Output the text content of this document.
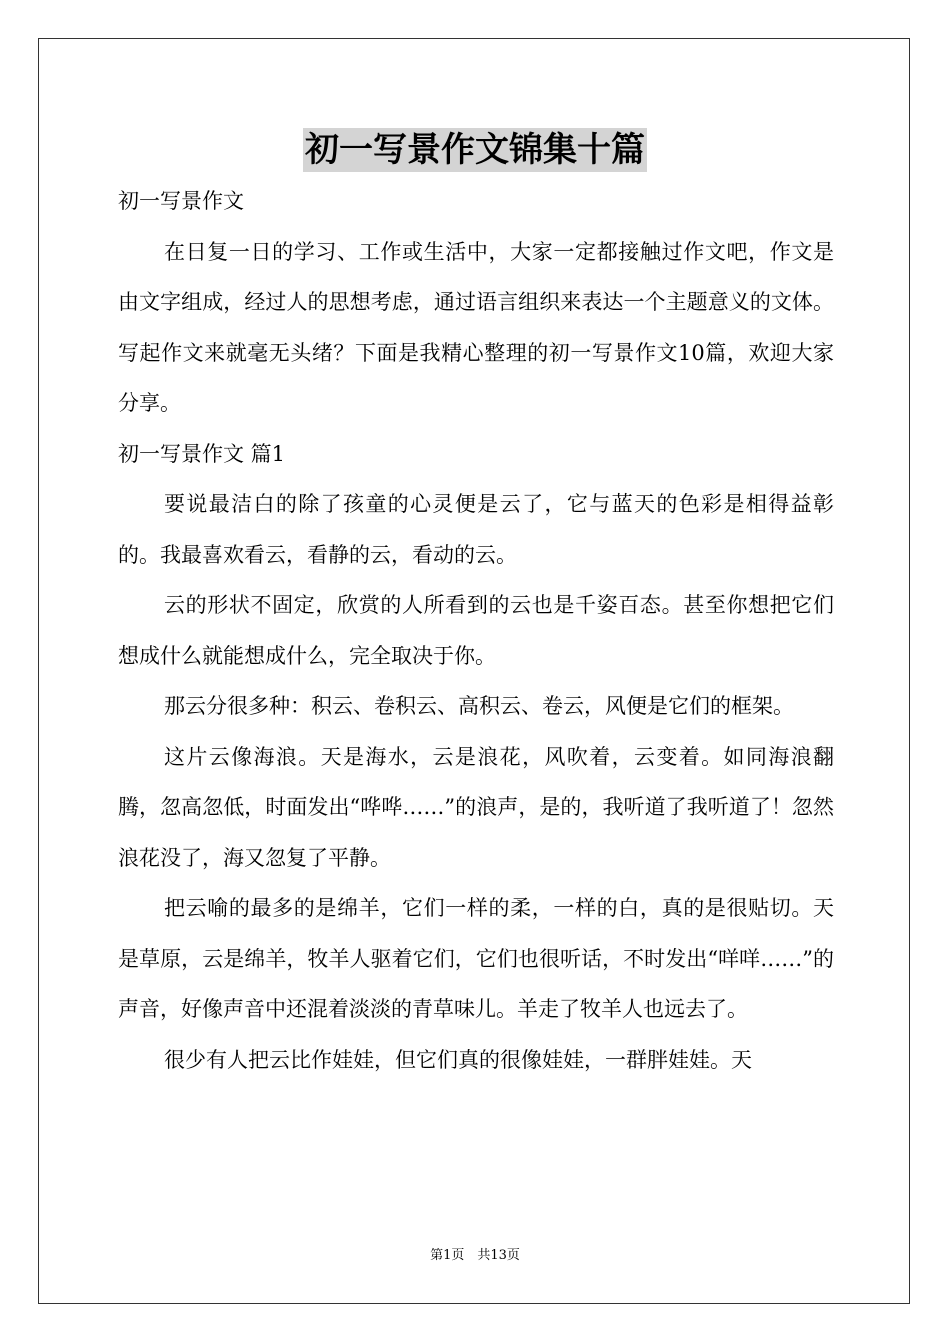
初一写景作文锦集十篇

初一写景作文

在日复一日的学习、工作或生活中，大家一定都接触过作文吧，作文是由文字组成，经过人的思想考虑，通过语言组织来表达一个主题意义的文体。写起作文来就毫无头绪？下面是我精心整理的初一写景作文10篇，欢迎大家分享。

初一写景作文 篇1

要说最洁白的除了孩童的心灵便是云了，它与蓝天的色彩是相得益彰的。我最喜欢看云，看静的云，看动的云。

云的形状不固定，欣赏的人所看到的云也是千姿百态。甚至你想把它们想成什么就能想成什么，完全取决于你。

那云分很多种：积云、卷积云、高积云、卷云，风便是它们的框架。

这片云像海浪。天是海水，云是浪花，风吹着，云变着。如同海浪翻腾，忽高忽低，时面发出“哗哗……”的浪声，是的，我听道了我听道了！忽然浪花没了，海又忽复了平静。

把云喻的最多的是绵羊，它们一样的柔，一样的白，真的是很贴切。天是草原，云是绵羊，牧羊人驱着它们，它们也很听话，不时发出“咩咩……”的声音，好像声音中还混着淡淡的青草味儿。羊走了牧羊人也远去了。

很少有人把云比作娃娃，但它们真的很像娃娃，一群胖娃娃。天

第1页　共13页
